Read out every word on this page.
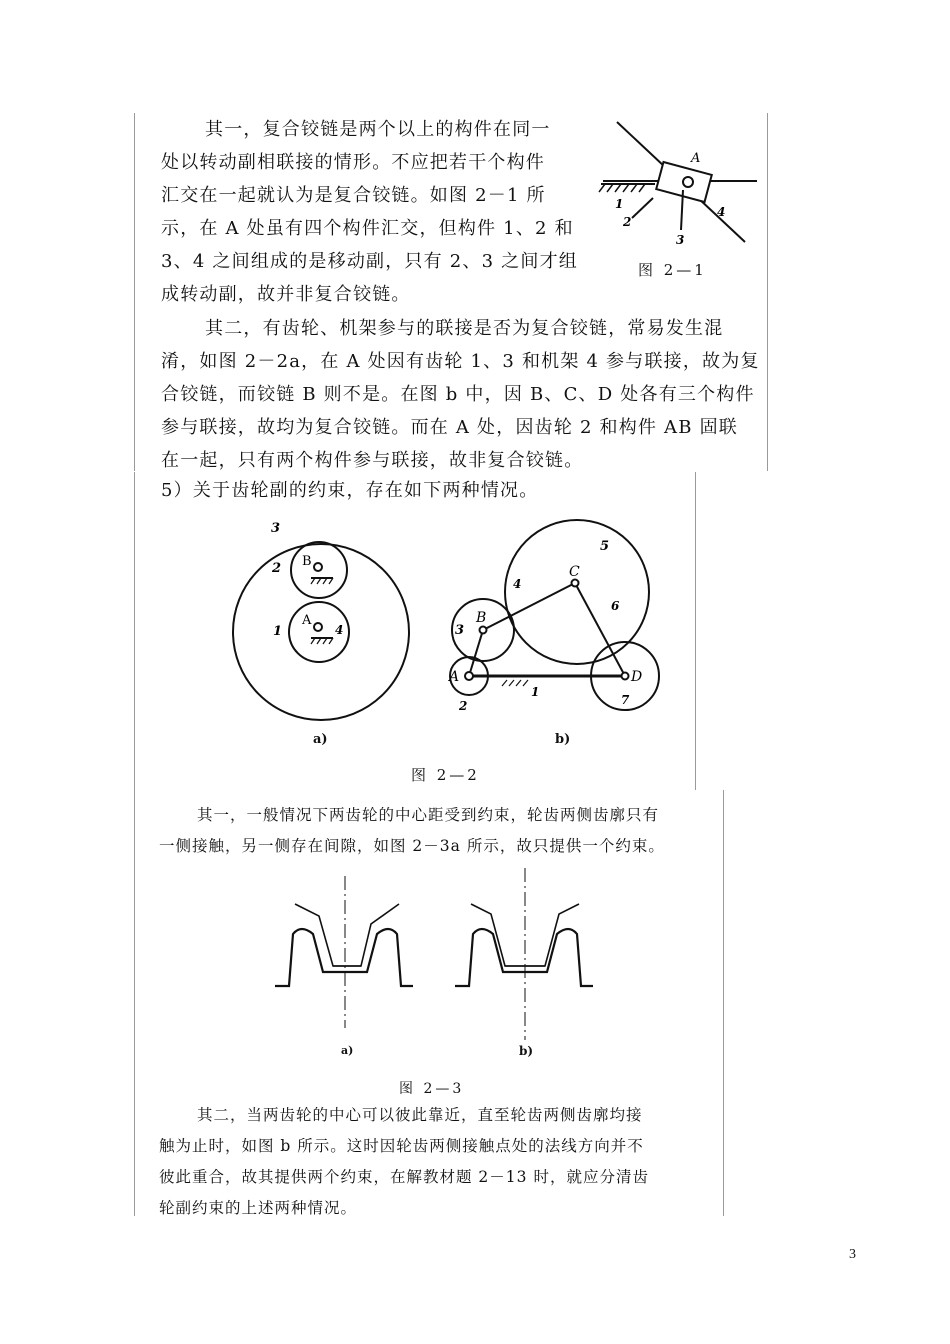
其一，复合铰链是两个以上的构件在同一
处以转动副相联接的情形。不应把若干个构件
汇交在一起就认为是复合铰链。如图 2－1 所
示，在 A 处虽有四个构件汇交，但构件 1、2 和
3、4 之间组成的是移动副，只有 2、3 之间才组
成转动副，故并非复合铰链。
A
1
2
3
4
图 2—1
其二，有齿轮、机架参与的联接是否为复合铰链，常易发生混
淆，如图 2－2a，在 A 处因有齿轮 1、3 和机架 4 参与联接，故为复
合铰链，而铰链 B 则不是。在图 b 中，因 B、C、D 处各有三个构件
参与联接，故均为复合铰链。而在 A 处，因齿轮 2 和构件 AB 固联
在一起，只有两个构件参与联接，故非复合铰链。
5）关于齿轮副的约束，存在如下两种情况。
3
2 B
1
A
4
5
C
4
6
B
3
A	D
2
1
7
a)	b)
图 2—2
其一，一般情况下两齿轮的中心距受到约束，轮齿两侧齿廓只有
一侧接触，另一侧存在间隙，如图 2－3a 所示，故只提供一个约束。
a)	b)
图 2—3
其二，当两齿轮的中心可以彼此靠近，直至轮齿两侧齿廓均接
触为止时，如图 b 所示。这时因轮齿两侧接触点处的法线方向并不
彼此重合，故其提供两个约束，在解教材题 2－13 时，就应分清齿
轮副约束的上述两种情况。
3
